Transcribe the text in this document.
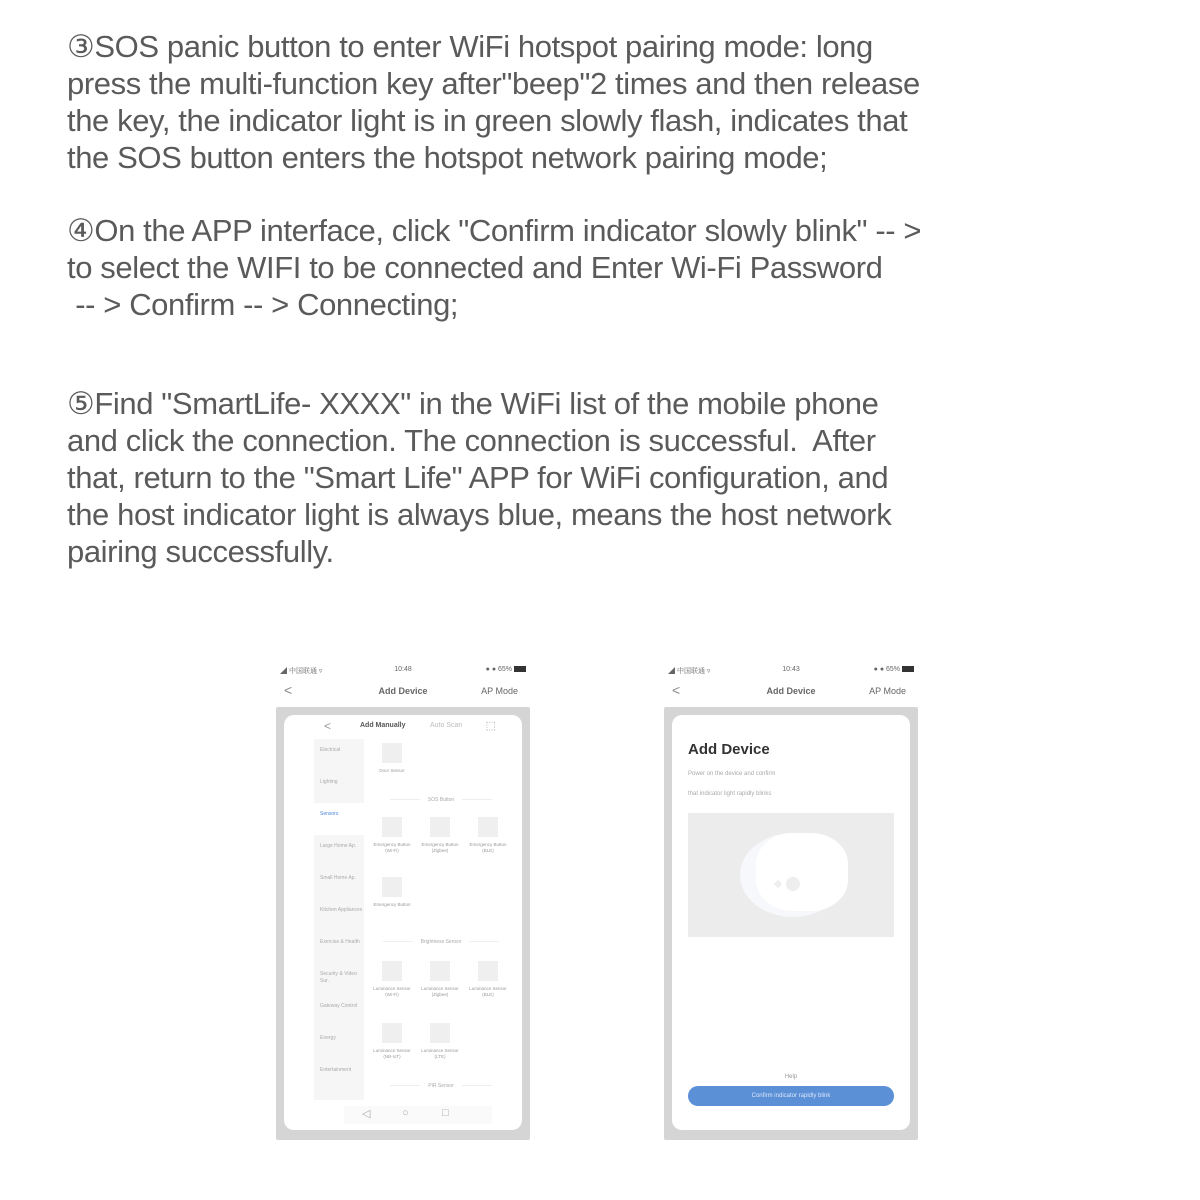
③SOS panic button to enter WiFi hotspot pairing mode: long
press the multi-function key after"beep"2 times and then release
the key, the indicator light is in green slowly flash, indicates that
the SOS button enters the hotspot network pairing mode;
④On the APP interface, click "Confirm indicator slowly blink" -- >
to select the WIFI to be connected and Enter Wi-Fi Password
-- > Confirm -- > Connecting;
⑤Find "SmartLife- XXXX" in the WiFi list of the mobile phone
and click the connection. The connection is successful.  After
that, return to the "Smart Life" APP for WiFi configuration, and
the host indicator light is always blue, means the host network
pairing successfully.
◢ 中国联通 ▿	10:48	● ● 65%
<	Add Device	AP Mode
<	Add Manually	Auto Scan ⬚
Electrical
Lighting
Sensors
Large Home Ap.
Small Home Ap.
Kitchen Appliances
Exercise & Health
Security & Video Sur.
Gateway Control
Energy
Entertainment
Door Sensor
SOS Button
Emergency Button (Wi-Fi)
Emergency Button (Zigbee)
Emergency Button (BLE)
Emergency Button
Brightness Sensor
Luminance Sensor (Wi-Fi)
Luminance Sensor (Zigbee)
Luminance Sensor (BLE)
Luminance Sensor (NB-IoT)
Luminance Sensor (LTE)
PIR Sensor
◁	○	□
◢ 中国联通 ▿	10:43	● ● 65%
<	Add Device	AP Mode
Add Device
Power on the device and confirm
that indicator light rapidly blinks
Help
Confirm indicator rapidly blink
